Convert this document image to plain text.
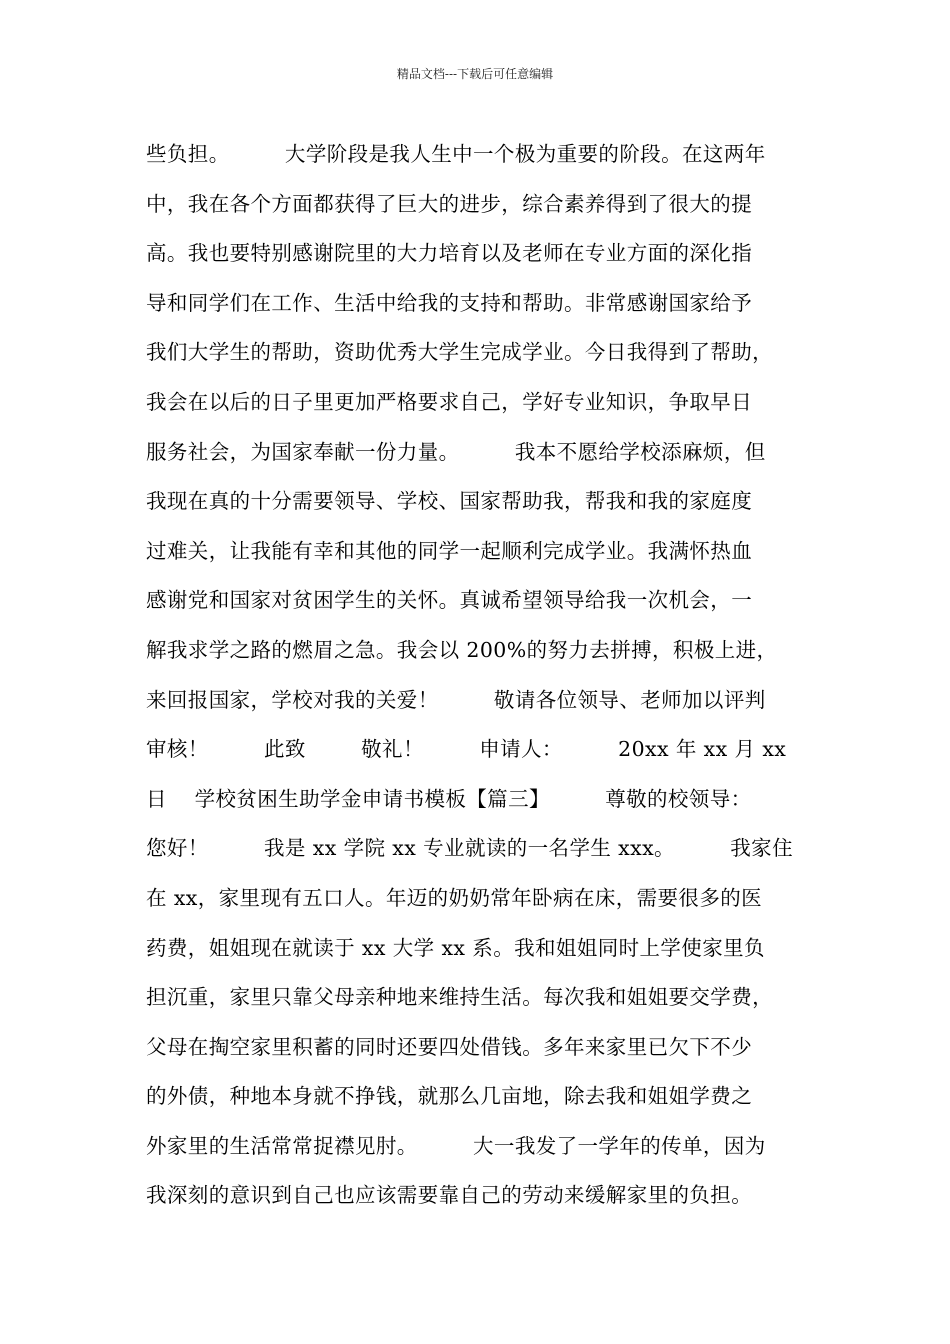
精品文档---下载后可任意编辑
些负担。        大学阶段是我人生中一个极为重要的阶段。在这两年
中，我在各个方面都获得了巨大的进步，综合素养得到了很大的提
高。我也要特别感谢院里的大力培育以及老师在专业方面的深化指
导和同学们在工作、生活中给我的支持和帮助。非常感谢国家给予
我们大学生的帮助，资助优秀大学生完成学业。今日我得到了帮助，
我会在以后的日子里更加严格要求自己，学好专业知识，争取早日
服务社会，为国家奉献一份力量。        我本不愿给学校添麻烦，但
我现在真的十分需要领导、学校、国家帮助我，帮我和我的家庭度
过难关，让我能有幸和其他的同学一起顺利完成学业。我满怀热血
感谢党和国家对贫困学生的关怀。真诚希望领导给我一次机会，一
解我求学之路的燃眉之急。我会以 200%的努力去拼搏，积极上进，
来回报国家，学校对我的关爱！        敬请各位领导、老师加以评判
审核！        此致        敬礼！        申请人：        20xx 年 xx 月 xx
日    学校贫困生助学金申请书模板【篇三】        尊敬的校领导：
您好！        我是 xx 学院 xx 专业就读的一名学生 xxx。        我家住
在 xx，家里现有五口人。年迈的奶奶常年卧病在床，需要很多的医
药费，姐姐现在就读于 xx 大学 xx 系。我和姐姐同时上学使家里负
担沉重，家里只靠父母亲种地来维持生活。每次我和姐姐要交学费，
父母在掏空家里积蓄的同时还要四处借钱。多年来家里已欠下不少
的外债，种地本身就不挣钱，就那么几亩地，除去我和姐姐学费之
外家里的生活常常捉襟见肘。        大一我发了一学年的传单，因为
我深刻的意识到自己也应该需要靠自己的劳动来缓解家里的负担。
